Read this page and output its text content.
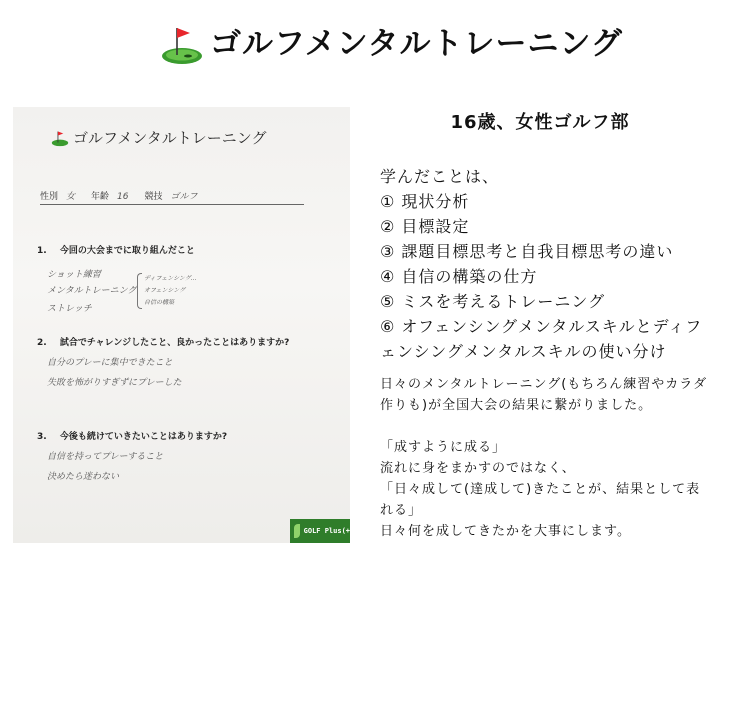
ゴルフメンタルトレーニング
ゴルフメンタルトレーニング
性別 女 年齢 16 競技 ゴルフ
1. 今回の大会までに取り組んだこと
ショット練習
メンタルトレーニング
ストレッチ
ディフェンシング…
オフェンシング
自信の構築
2. 試合でチャレンジしたこと、良かったことはありますか?
自分のプレーに集中できたこと
失敗を怖がりすぎずにプレーした
3. 今後も続けていきたいことはありますか?
自信を持ってプレーすること
決めたら迷わない
GOLF Plus(+
16歳、女性ゴルフ部
学んだことは、
① 現状分析
② 目標設定
③ 課題目標思考と自我目標思考の違い
④ 自信の構築の仕方
⑤ ミスを考えるトレーニング
⑥ オフェンシングメンタルスキルとディフェンシングメンタルスキルの使い分け
日々のメンタルトレーニング(もちろん練習やカラダ作りも)が全国大会の結果に繋がりました。
「成すように成る」
流れに身をまかすのではなく、
「日々成して(達成して)きたことが、結果として表れる」
日々何を成してきたかを大事にします。
